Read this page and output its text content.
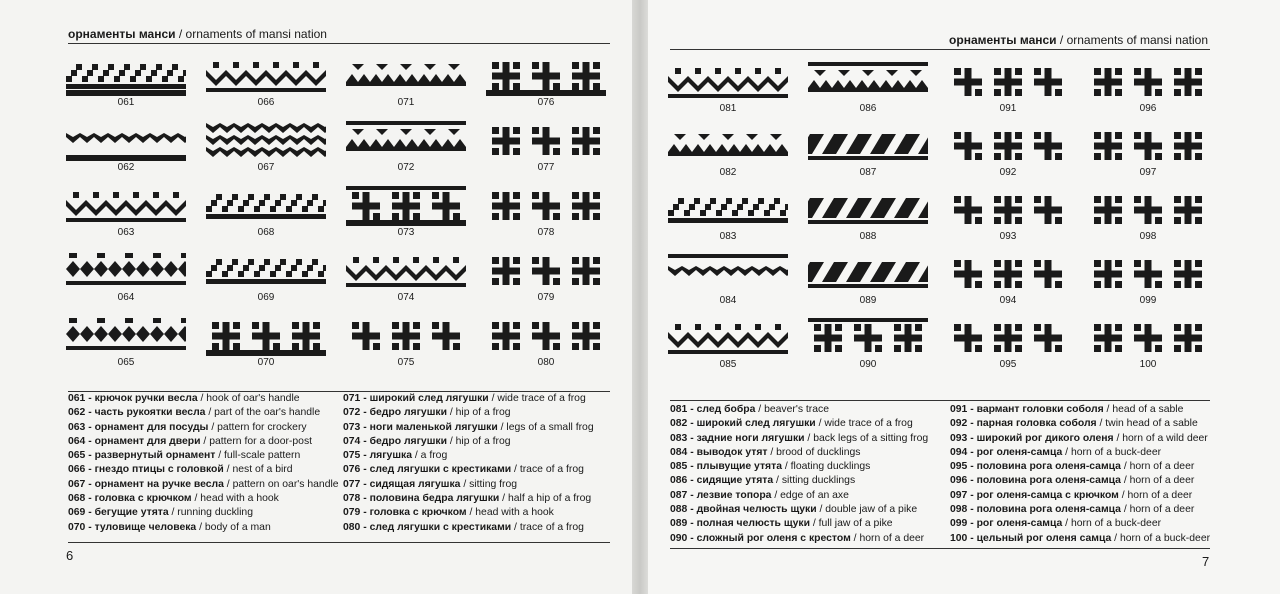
орнаменты манси / ornaments of mansi nation
061 - крючок ручки весла / hook of oar's handle
062 - часть рукоятки весла / part of the oar's handle
063 - орнамент для посуды / pattern for crockery
064 - орнамент для двери / pattern for a door-post
065 - развернутый орнамент / full-scale pattern
066 - гнездо птицы с головкой / nest of a bird
067 - орнамент на ручке весла / pattern on oar's handle
068 - головка с крючком / head with a hook
069 - бегущие утята / running duckling
070 - туловище человека / body of a man
071 - широкий след лягушки / wide trace of a frog
072 - бедро лягушки / hip of a frog
073 - ноги маленькой лягушки / legs of a small frog
074 - бедро лягушки / hip of a frog
075 - лягушка / a frog
076 - след лягушки с крестиками / trace of a frog
077 - сидящая лягушка / sitting frog
078 - половина бедра лягушки / half a hip of a frog
079 - головка с крючком / head with a hook
080 - след лягушки с крестиками / trace of a frog
6
061	066	071	076
062	067	072	077
063	068	073	078
064	069	074	079
065	070	075	080
орнаменты манси / ornaments of mansi nation
081 - след бобра / beaver's trace
082 - широкий след лягушки / wide trace of a frog
083 - задние ноги лягушки / back legs of a sitting frog
084 - выводок утят / brood of ducklings
085 - плывущие утята / floating ducklings
086 - сидящие утята / sitting ducklings
087 - лезвие топора / edge of an axe
088 - двойная челюсть щуки / double jaw of a pike
089 - полная челюсть щуки / full jaw of a pike
090 - сложный рог оленя с крестом / horn of a deer
091 - вармант головки соболя / head of a sable
092 - парная головка соболя / twin head of a sable
093 - широкий рог дикого оленя / horn of a wild deer
094 - рог оленя-самца / horn of a buck-deer
095 - половина рога оленя-самца / horn of a deer
096 - половина рога оленя-самца / horn of a deer
097 - рог оленя-самца с крючком / horn of a deer
098 - половина рога оленя-самца / horn of a deer
099 - рог оленя-самца / horn of a buck-deer
100 - цельный рог оленя самца / horn of a buck-deer
7
081	086	091	096
082	087	092	097
083	088	093	098
084	089	094	099
085	090	095	100
